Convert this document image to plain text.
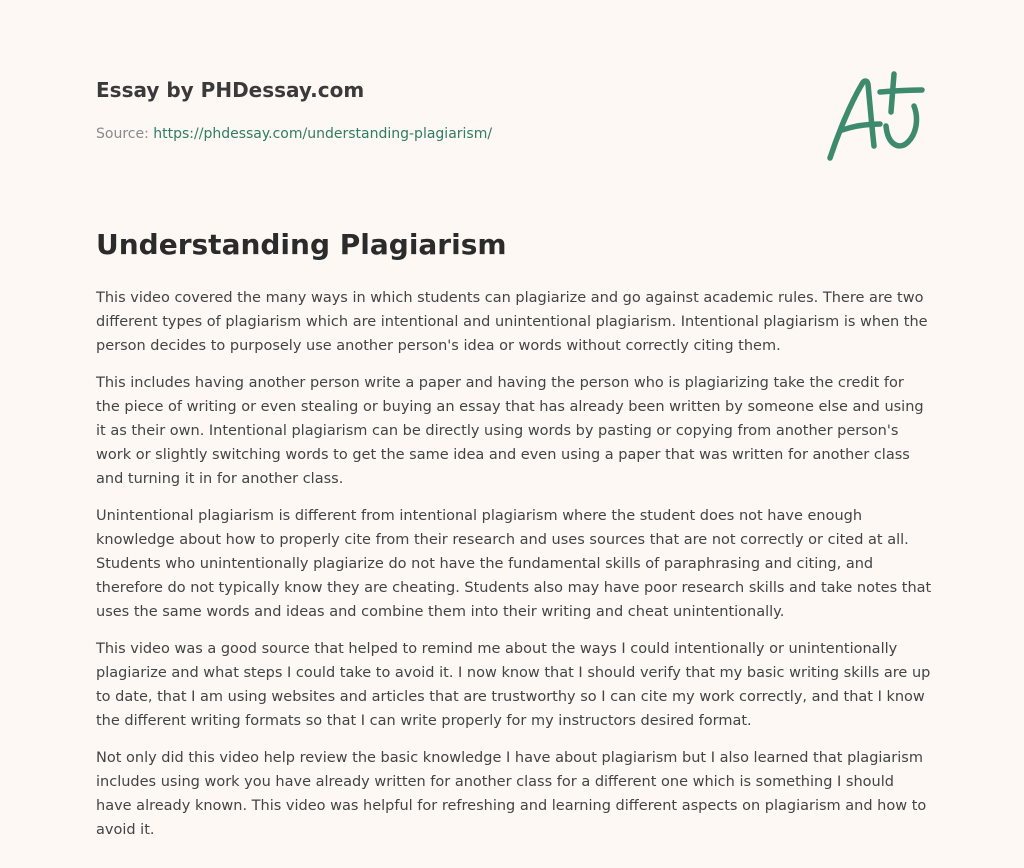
Essay by PHDessay.com
Source: https://phdessay.com/understanding-plagiarism/
Understanding Plagiarism

This video covered the many ways in which students can plagiarize and go against academic rules. There are two different types of plagiarism which are intentional and unintentional plagiarism. Intentional plagiarism is when the person decides to purposely use another person's idea or words without correctly citing them.

This includes having another person write a paper and having the person who is plagiarizing take the credit for the piece of writing or even stealing or buying an essay that has already been written by someone else and using it as their own. Intentional plagiarism can be directly using words by pasting or copying from another person's work or slightly switching words to get the same idea and even using a paper that was written for another class and turning it in for another class.

Unintentional plagiarism is different from intentional plagiarism where the student does not have enough knowledge about how to properly cite from their research and uses sources that are not correctly or cited at all. Students who unintentionally plagiarize do not have the fundamental skills of paraphrasing and citing, and therefore do not typically know they are cheating. Students also may have poor research skills and take notes that uses the same words and ideas and combine them into their writing and cheat unintentionally.

This video was a good source that helped to remind me about the ways I could intentionally or unintentionally plagiarize and what steps I could take to avoid it. I now know that I should verify that my basic writing skills are up to date, that I am using websites and articles that are trustworthy so I can cite my work correctly, and that I know the different writing formats so that I can write properly for my instructors desired format.

Not only did this video help review the basic knowledge I have about plagiarism but I also learned that plagiarism includes using work you have already written for another class for a different one which is something I should have already known. This video was helpful for refreshing and learning different aspects on plagiarism and how to avoid it.
